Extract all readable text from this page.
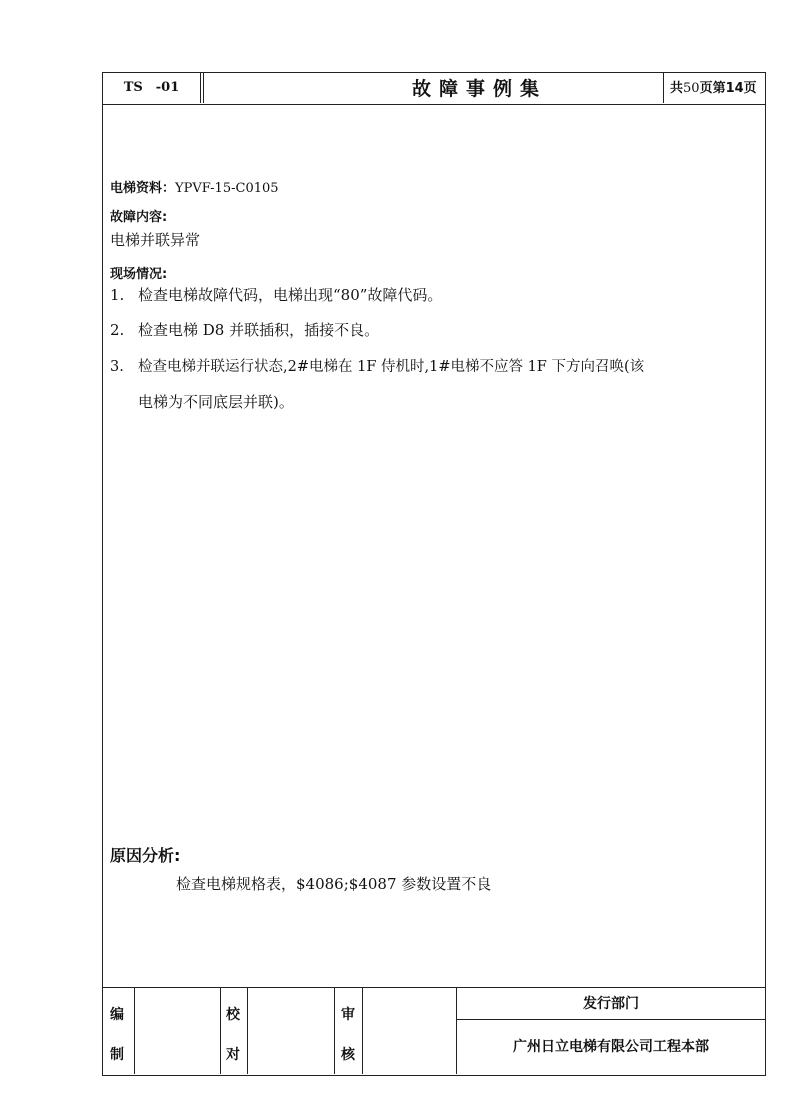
TS　-01	故障事例集	共50页第14页
电梯资料：YPVF-15-C0105
故障内容:
电梯并联异常
现场情况:
1. 检查电梯故障代码，电梯出现“80”故障代码。
2. 检查电梯 D8 并联插积，插接不良。
3. 检查电梯并联运行状态,2#电梯在 1F 侍机时,1#电梯不应答 1F 下方向召唤(该
电梯为不同底层并联)。
原因分析:
检查电梯规格表，$4086;$4087 参数设置不良
编
制
校
对
审
核
发行部门
广州日立电梯有限公司工程本部
